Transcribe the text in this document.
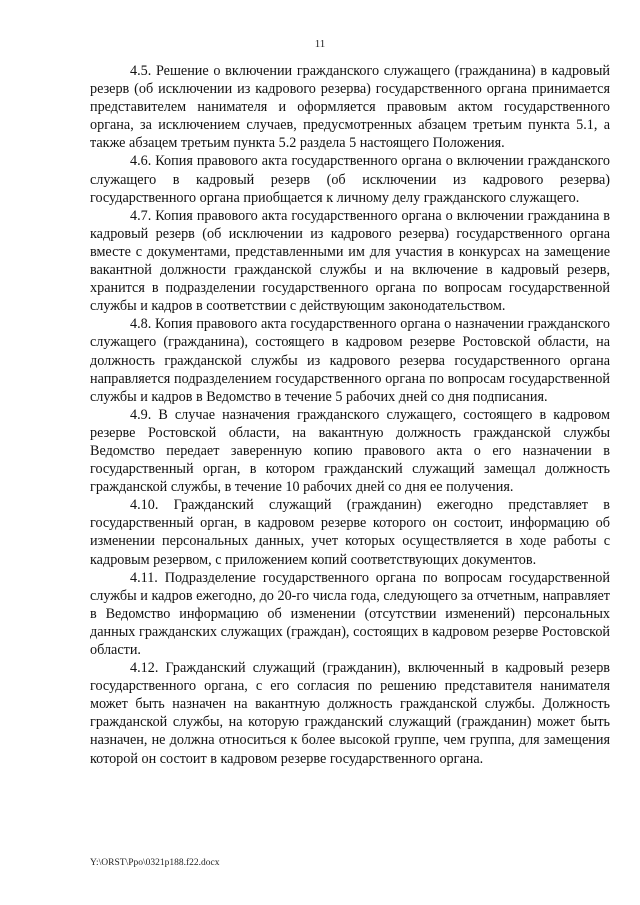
11

4.5. Решение о включении гражданского служащего (гражданина) в кадровый резерв (об исключении из кадрового резерва) государственного органа принимается представителем нанимателя и оформляется правовым актом государственного органа, за исключением случаев, предусмотренных абзацем третьим пункта 5.1, а также абзацем третьим пункта 5.2 раздела 5 настоящего Положения.

4.6. Копия правового акта государственного органа о включении гражданского служащего в кадровый резерв (об исключении из кадрового резерва) государственного органа приобщается к личному делу гражданского служащего.

4.7. Копия правового акта государственного органа о включении гражданина в кадровый резерв (об исключении из кадрового резерва) государственного органа вместе с документами, представленными им для участия в конкурсах на замещение вакантной должности гражданской службы и на включение в кадровый резерв, хранится в подразделении государственного органа по вопросам государственной службы и кадров в соответствии с действующим законодательством.

4.8. Копия правового акта государственного органа о назначении гражданского служащего (гражданина), состоящего в кадровом резерве Ростовской области, на должность гражданской службы из кадрового резерва государственного органа направляется подразделением государственного органа по вопросам государственной службы и кадров в Ведомство в течение 5 рабочих дней со дня подписания.

4.9. В случае назначения гражданского служащего, состоящего в кадровом резерве Ростовской области, на вакантную должность гражданской службы Ведомство передает заверенную копию правового акта о его назначении в государственный орган, в котором гражданский служащий замещал должность гражданской службы, в течение 10 рабочих дней со дня ее получения.

4.10. Гражданский служащий (гражданин) ежегодно представляет в государственный орган, в кадровом резерве которого он состоит, информацию об изменении персональных данных, учет которых осуществляется в ходе работы с кадровым резервом, с приложением копий соответствующих документов.

4.11. Подразделение государственного органа по вопросам государственной службы и кадров ежегодно, до 20-го числа года, следующего за отчетным, направляет в Ведомство информацию об изменении (отсутствии изменений) персональных данных гражданских служащих (граждан), состоящих в кадровом резерве Ростовской области.

4.12. Гражданский служащий (гражданин), включенный в кадровый резерв государственного органа, с его согласия по решению представителя нанимателя может быть назначен на вакантную должность гражданской службы. Должность гражданской службы, на которую гражданский служащий (гражданин) может быть назначен, не должна относиться к более высокой группе, чем группа, для замещения которой он состоит в кадровом резерве государственного органа.

Y:\ORST\Ppo\0321p188.f22.docx
